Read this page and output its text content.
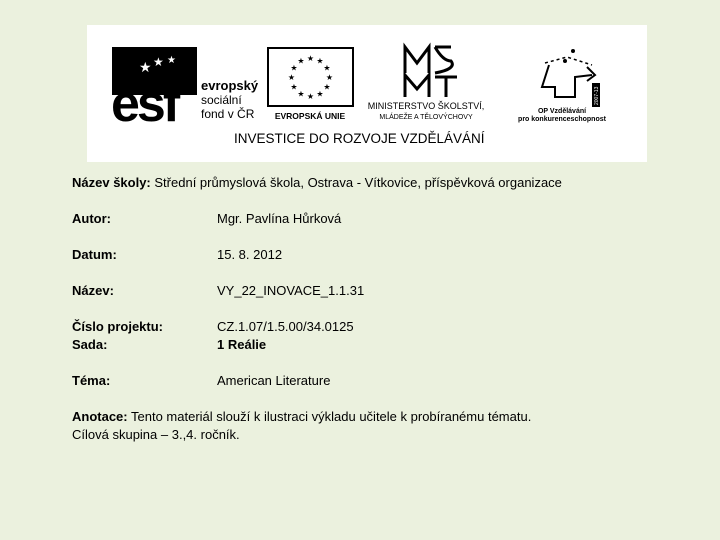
★ ★ ★
esf evropský
sociální
fond v ČR
★ ★
★
★
★
★
★
★
★
★
★
★
EVROPSKÁ UNIE
MINISTERSTVO ŠKOLSTVÍ,
MLÁDEŽE A TĚLOVÝCHOVY
2007-13
OP Vzdělávání
pro konkurenceschopnost
INVESTICE DO ROZVOJE VZDĚLÁVÁNÍ
Název školy: Střední průmyslová škola, Ostrava - Vítkovice, příspěvková organizace
Autor:	Mgr. Pavlína Hůrková
Datum:	15. 8. 2012
Název:	VY_22_INOVACE_1.1.31
Číslo projektu:	CZ.1.07/1.5.00/34.0125
Sada:	1 Reálie
Téma:	American Literature
Anotace: Tento materiál slouží k ilustraci výkladu učitele k probíranému tématu.
Cílová skupina – 3.,4. ročník.
